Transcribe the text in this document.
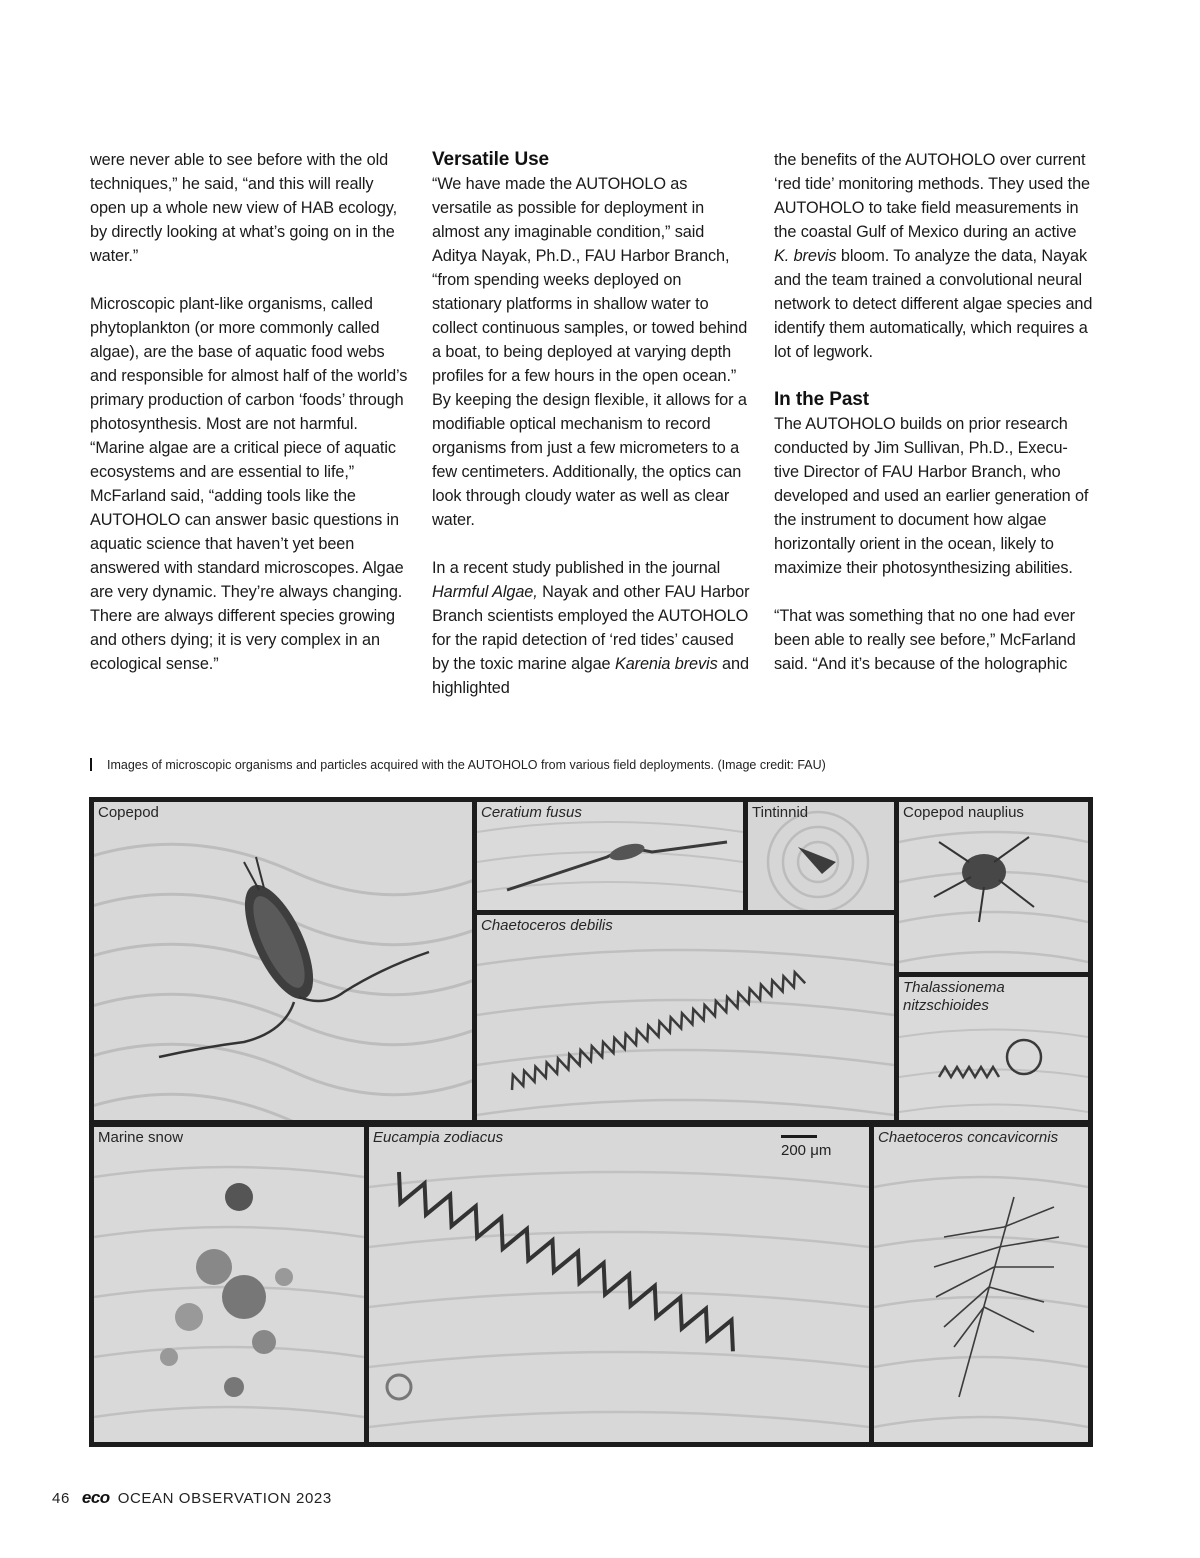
were never able to see before with the old techniques,” he said, “and this will really open up a whole new view of HAB ecology, by directly looking at what’s going on in the water.”

Microscopic plant-like organisms, called phytoplankton (or more commonly called algae), are the base of aquatic food webs and responsible for almost half of the world’s primary production of carbon ‘foods’ through photosynthesis. Most are not harmful. “Marine algae are a critical piece of aquatic ecosystems and are essential to life,” McFarland said, “adding tools like the AUTOHOLO can answer basic questions in aquatic science that haven’t yet been answered with standard microscopes. Algae are very dynamic. They’re always changing. There are always different species growing and others dying; it is very complex in an ecological sense.”

Versatile Use

“We have made the AUTOHOLO as versatile as possible for deployment in almost any imaginable condition,” said Aditya Nayak, Ph.D., FAU Harbor Branch, “from spending weeks deployed on stationary platforms in shallow water to collect continuous samples, or towed behind a boat, to being deployed at varying depth profiles for a few hours in the open ocean.” By keeping the design flexible, it allows for a modifiable optical mechanism to record organisms from just a few micrometers to a few centimeters. Additionally, the optics can look through cloudy water as well as clear water.

In a recent study published in the journal Harmful Algae, Nayak and other FAU Harbor Branch scientists employed the AUTOHOLO for the rapid detection of ‘red tides’ caused by the toxic marine algae Karenia brevis and highlighted

the benefits of the AUTOHOLO over current ‘red tide’ monitoring methods. They used the AUTOHOLO to take field measurements in the coastal Gulf of Mexico during an active K. brevis bloom. To analyze the data, Nayak and the team trained a convolutional neural network to detect different algae species and identify them automatically, which requires a lot of legwork.

In the Past

The AUTOHOLO builds on prior research conducted by Jim Sullivan, Ph.D., Execu- tive Director of FAU Harbor Branch, who developed and used an earlier generation of the instrument to document how algae horizontally orient in the ocean, likely to maximize their photosynthesizing abilities.

“That was something that no one had ever been able to really see before,” McFarland said. “And it’s because of the holographic

Images of microscopic organisms and particles acquired with the AUTOHOLO from various field deployments. (Image credit: FAU)
Copepod	Ceratium fusus	Tintinnid	Copepod nauplius
Chaetoceros debilis
Thalassionema
nitzschioides
Marine snow	Eucampia zodiacus	Chaetoceros concavicornis
200 μm
46 eco OCEAN OBSERVATION 2023
